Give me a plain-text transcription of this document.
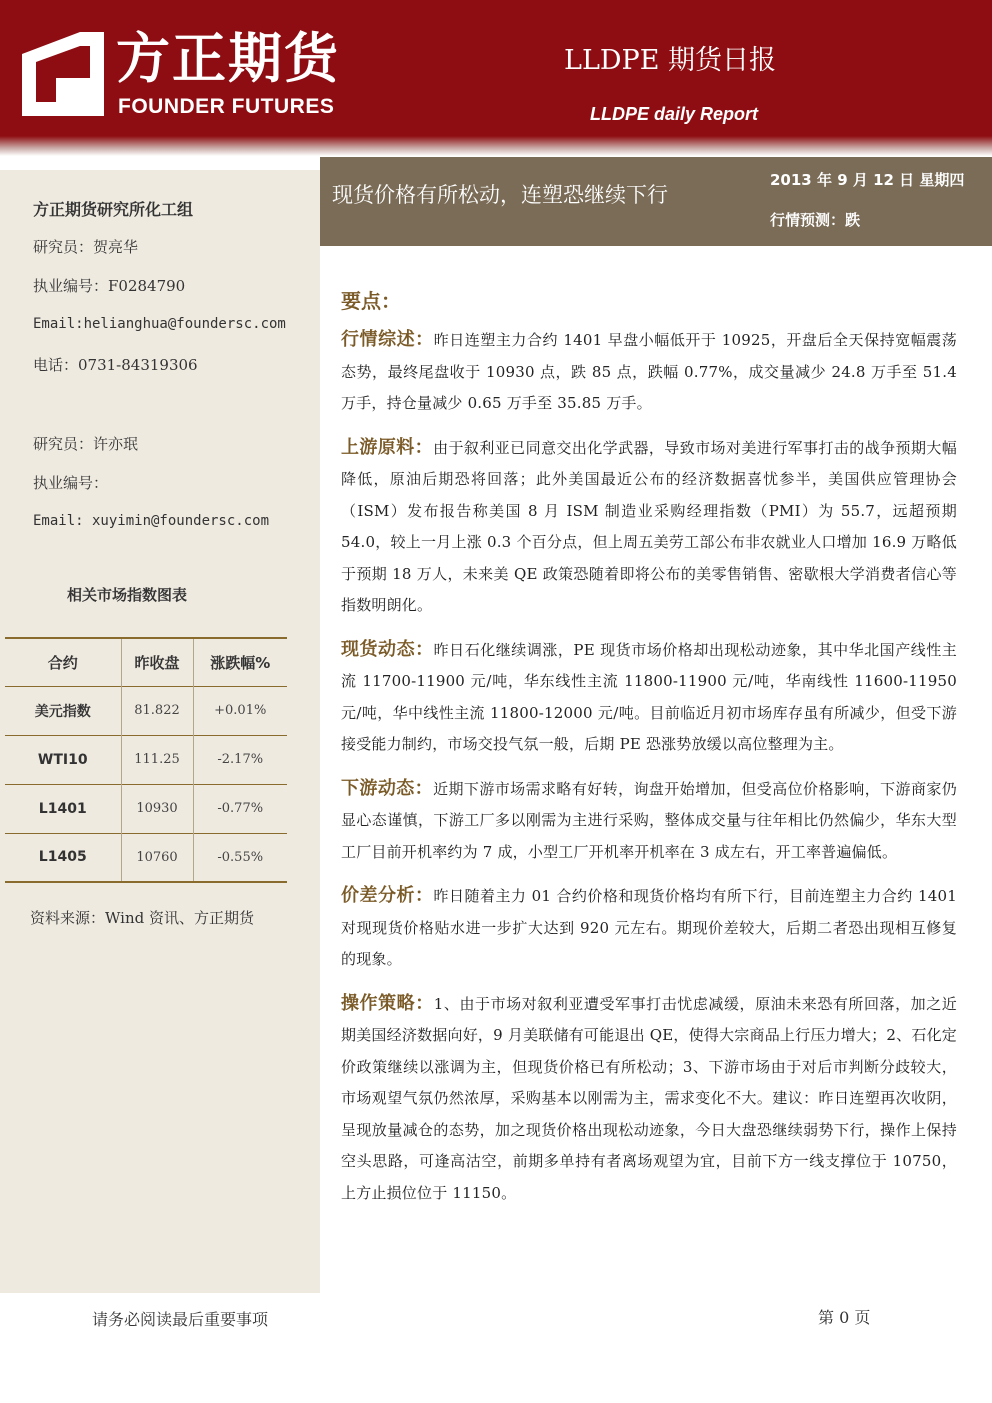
方正期货

FOUNDER FUTURES

LLDPE 期货日报

LLDPE daily Report

方正期货研究所化工组

研究员：贺亮华

执业编号：F0284790

Email:helianghua@foundersc.com

电话：0731-84319306

研究员：许亦珉

执业编号：

Email: xuyimin@foundersc.com

相关市场指数图表

合约	昨收盘	涨跌幅%
美元指数	81.822	+0.01%
WTI10	111.25	-2.17%
L1401	10930	-0.77%
L1405	10760	-0.55%

资料来源：Wind 资讯、方正期货

现货价格有所松动，连塑恐继续下行

2013 年 9 月 12 日 星期四

行情预测：跌

要点：

行情综述：昨日连塑主力合约 1401 早盘小幅低开于 10925，开盘后全天保持宽幅震荡态势，最终尾盘收于 10930 点，跌 85 点，跌幅 0.77%，成交量减少 24.8 万手至 51.4 万手，持仓量减少 0.65 万手至 35.85 万手。

上游原料：由于叙利亚已同意交出化学武器，导致市场对美进行军事打击的战争预期大幅降低，原油后期恐将回落；此外美国最近公布的经济数据喜忧参半，美国供应管理协会（ISM）发布报告称美国 8 月 ISM 制造业采购经理指数（PMI）为 55.7，远超预期 54.0，较上一月上涨 0.3 个百分点，但上周五美劳工部公布非农就业人口增加 16.9 万略低于预期 18 万人，未来美 QE 政策恐随着即将公布的美零售销售、密歇根大学消费者信心等指数明朗化。

现货动态：昨日石化继续调涨，PE 现货市场价格却出现松动迹象，其中华北国产线性主流 11700-11900 元/吨，华东线性主流 11800-11900 元/吨，华南线性 11600-11950 元/吨，华中线性主流 11800-12000 元/吨。目前临近月初市场库存虽有所减少，但受下游接受能力制约，市场交投气氛一般，后期 PE 恐涨势放缓以高位整理为主。

下游动态：近期下游市场需求略有好转，询盘开始增加，但受高位价格影响，下游商家仍显心态谨慎，下游工厂多以刚需为主进行采购，整体成交量与往年相比仍然偏少，华东大型工厂目前开机率约为 7 成，小型工厂开机率开机率在 3 成左右，开工率普遍偏低。

价差分析：昨日随着主力 01 合约价格和现货价格均有所下行，目前连塑主力合约 1401 对现现货价格贴水进一步扩大达到 920 元左右。期现价差较大，后期二者恐出现相互修复的现象。

操作策略：1、由于市场对叙利亚遭受军事打击忧虑减缓，原油未来恐有所回落，加之近期美国经济数据向好，9 月美联储有可能退出 QE，使得大宗商品上行压力增大；2、石化定价政策继续以涨调为主，但现货价格已有所松动；3、下游市场由于对后市判断分歧较大，市场观望气氛仍然浓厚，采购基本以刚需为主，需求变化不大。建议：昨日连塑再次收阴，呈现放量减仓的态势，加之现货价格出现松动迹象，今日大盘恐继续弱势下行，操作上保持空头思路，可逢高沽空，前期多单持有者离场观望为宜，目前下方一线支撑位于 10750，上方止损位位于 11150。

请务必阅读最后重要事项	第 0 页
